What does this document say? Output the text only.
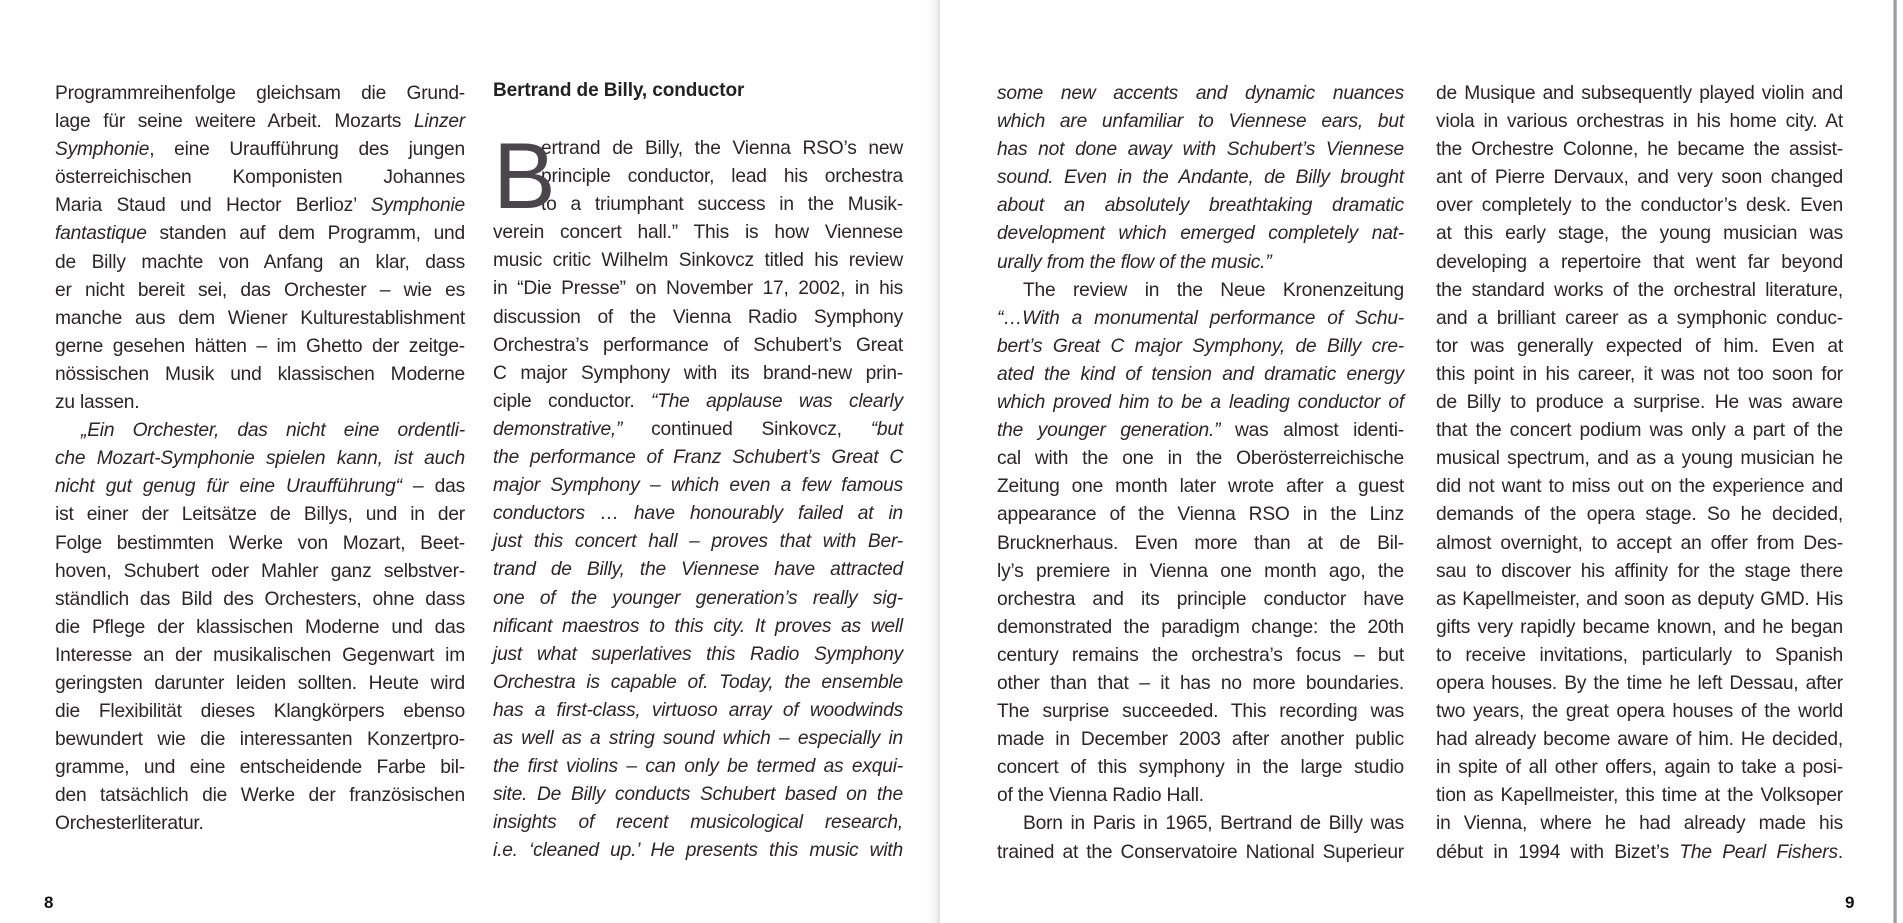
Programmreihenfolge gleichsam die Grund-
lage für seine weitere Arbeit. Mozarts Linzer
Symphonie, eine Uraufführung des jungen
österreichischen Komponisten Johannes
Maria Staud und Hector Berlioz’ Symphonie
fantastique standen auf dem Programm, und
de Billy machte von Anfang an klar, dass
er nicht bereit sei, das Orchester – wie es
manche aus dem Wiener Kulturestablishment
gerne gesehen hätten – im Ghetto der zeitge-
nössischen Musik und klassischen Moderne
zu lassen.
„Ein Orchester, das nicht eine ordentli-
che Mozart-Symphonie spielen kann, ist auch
nicht gut genug für eine Uraufführung“ – das
ist einer der Leitsätze de Billys, und in der
Folge bestimmten Werke von Mozart, Beet-
hoven, Schubert oder Mahler ganz selbstver-
ständlich das Bild des Orchesters, ohne dass
die Pflege der klassischen Moderne und das
Interesse an der musikalischen Gegenwart im
geringsten darunter leiden sollten. Heute wird
die Flexibilität dieses Klangkörpers ebenso
bewundert wie die interessanten Konzertpro-
gramme, und eine entscheidende Farbe bil-
den tatsächlich die Werke der französischen
Orchesterliteratur.
Bertrand de Billy, conductor
B
ertrand de Billy, the Vienna RSO’s new
principle conductor, lead his orchestra
to a triumphant success in the Musik-
verein concert hall.” This is how Viennese
music critic Wilhelm Sinkovcz titled his review
in “Die Presse” on November 17, 2002, in his
discussion of the Vienna Radio Symphony
Orchestra’s performance of Schubert’s Great
C major Symphony with its brand-new prin-
ciple conductor. “The applause was clearly
demonstrative,” continued Sinkovcz, “but
the performance of Franz Schubert’s Great C
major Symphony – which even a few famous
conductors … have honourably failed at in
just this concert hall – proves that with Ber-
trand de Billy, the Viennese have attracted
one of the younger generation’s really sig-
nificant maestros to this city. It proves as well
just what superlatives this Radio Symphony
Orchestra is capable of. Today, the ensemble
has a first-class, virtuoso array of woodwinds
as well as a string sound which – especially in
the first violins – can only be termed as exqui-
site. De Billy conducts Schubert based on the
insights of recent musicological research,
i.e. ‘cleaned up.’ He presents this music with
8
some new accents and dynamic nuances
which are unfamiliar to Viennese ears, but
has not done away with Schubert’s Viennese
sound. Even in the Andante, de Billy brought
about an absolutely breathtaking dramatic
development which emerged completely nat-
urally from the flow of the music.”
The review in the Neue Kronenzeitung
“…With a monumental performance of Schu-
bert’s Great C major Symphony, de Billy cre-
ated the kind of tension and dramatic energy
which proved him to be a leading conductor of
the younger generation.” was almost identi-
cal with the one in the Oberösterreichische
Zeitung one month later wrote after a guest
appearance of the Vienna RSO in the Linz
Brucknerhaus. Even more than at de Bil-
ly’s premiere in Vienna one month ago, the
orchestra and its principle conductor have
demonstrated the paradigm change: the 20th
century remains the orchestra’s focus – but
other than that – it has no more boundaries.
The surprise succeeded. This recording was
made in December 2003 after another public
concert of this symphony in the large studio
of the Vienna Radio Hall.
Born in Paris in 1965, Bertrand de Billy was
trained at the Conservatoire National Superieur
de Musique and subsequently played violin and
viola in various orchestras in his home city. At
the Orchestre Colonne, he became the assist-
ant of Pierre Dervaux, and very soon changed
over completely to the conductor’s desk. Even
at this early stage, the young musician was
developing a repertoire that went far beyond
the standard works of the orchestral literature,
and a brilliant career as a symphonic conduc-
tor was generally expected of him. Even at
this point in his career, it was not too soon for
de Billy to produce a surprise. He was aware
that the concert podium was only a part of the
musical spectrum, and as a young musician he
did not want to miss out on the experience and
demands of the opera stage. So he decided,
almost overnight, to accept an offer from Des-
sau to discover his affinity for the stage there
as Kapellmeister, and soon as deputy GMD. His
gifts very rapidly became known, and he began
to receive invitations, particularly to Spanish
opera houses. By the time he left Dessau, after
two years, the great opera houses of the world
had already become aware of him. He decided,
in spite of all other offers, again to take a posi-
tion as Kapellmeister, this time at the Volksoper
in Vienna, where he had already made his
début in 1994 with Bizet’s The Pearl Fishers.
9
